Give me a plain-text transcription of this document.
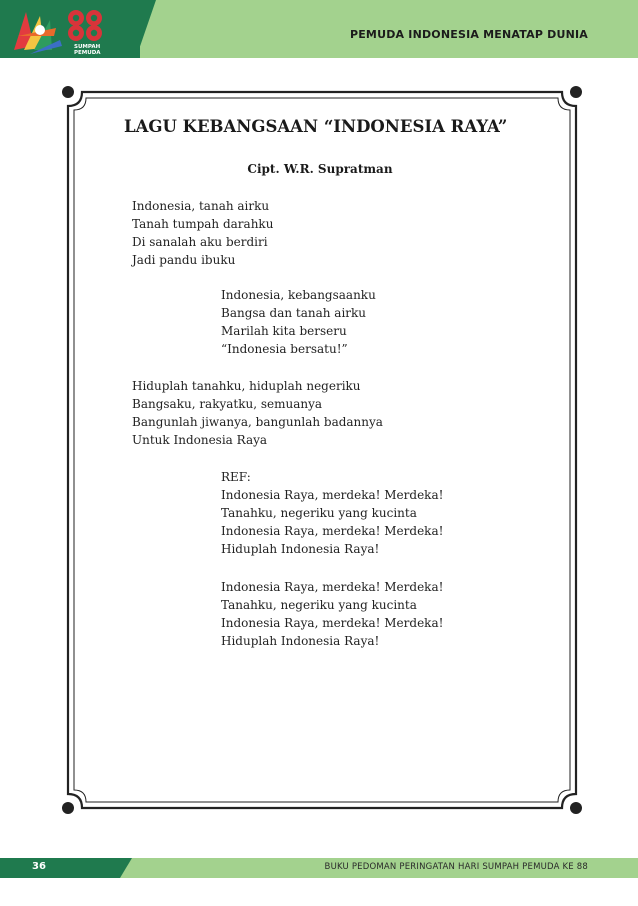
SUMPAH
PEMUDA
PEMUDA INDONESIA MENATAP DUNIA
LAGU KEBANGSAAN “INDONESIA RAYA”
Cipt. W.R. Supratman
Indonesia, tanah airku
Tanah tumpah darahku
Di sanalah aku berdiri
Jadi pandu ibuku
Indonesia, kebangsaanku
Bangsa dan tanah airku
Marilah kita berseru
“Indonesia bersatu!”
Hiduplah tanahku, hiduplah negeriku
Bangsaku, rakyatku, semuanya
Bangunlah jiwanya, bangunlah badannya
Untuk Indonesia Raya
REF:
Indonesia Raya, merdeka! Merdeka!
Tanahku, negeriku yang kucinta
Indonesia Raya, merdeka! Merdeka!
Hiduplah Indonesia Raya!
Indonesia Raya, merdeka! Merdeka!
Tanahku, negeriku yang kucinta
Indonesia Raya, merdeka! Merdeka!
Hiduplah Indonesia Raya!
36	BUKU PEDOMAN PERINGATAN HARI SUMPAH PEMUDA KE 88
